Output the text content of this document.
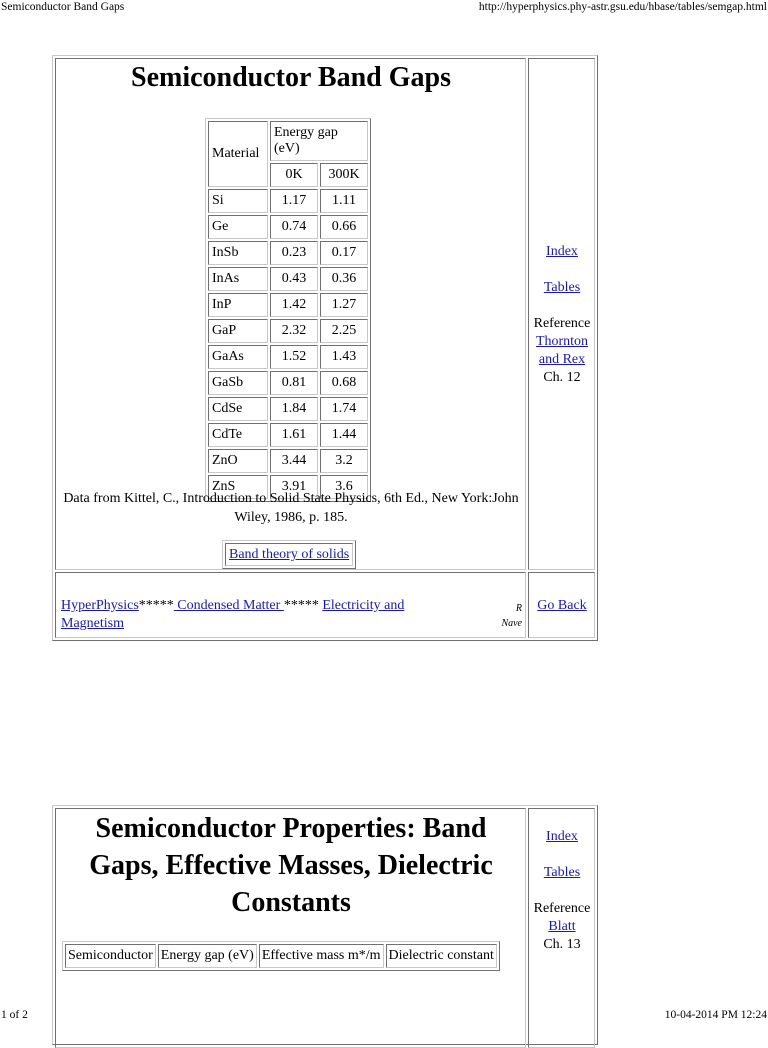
Semiconductor Band Gaps	http://hyperphysics.phy-astr.gsu.edu/hbase/tables/semgap.html
1 of 2	10-04-2014 PM 12:24
Semiconductor Band Gaps
Material	Energy gap (eV)	
	0K	300K
Si	1.17	1.11
Ge	0.74	0.66
InSb	0.23	0.17
InAs	0.43	0.36
InP	1.42	1.27
GaP	2.32	2.25
GaAs	1.52	1.43
GaSb	0.81	0.68
CdSe	1.84	1.74
CdTe	1.61	1.44
ZnO	3.44	3.2
ZnS	3.91	3.6
Data from Kittel, C., Introduction to Solid State Physics, 6th Ed., New York:John Wiley, 1986, p. 185.
Band theory of solids
Index
Tables
Reference
Thornton
and Rex
Ch. 12
HyperPhysics***** Condensed Matter ***** Electricity and
Magnetism
R
Nave
Go Back
Semiconductor Properties: Band
Gaps, Effective Masses, Dielectric
Constants
Semiconductor	Energy gap (eV)	Effective mass m*/m	Dielectric constant
Index
Tables
Reference
Blatt
Ch. 13
